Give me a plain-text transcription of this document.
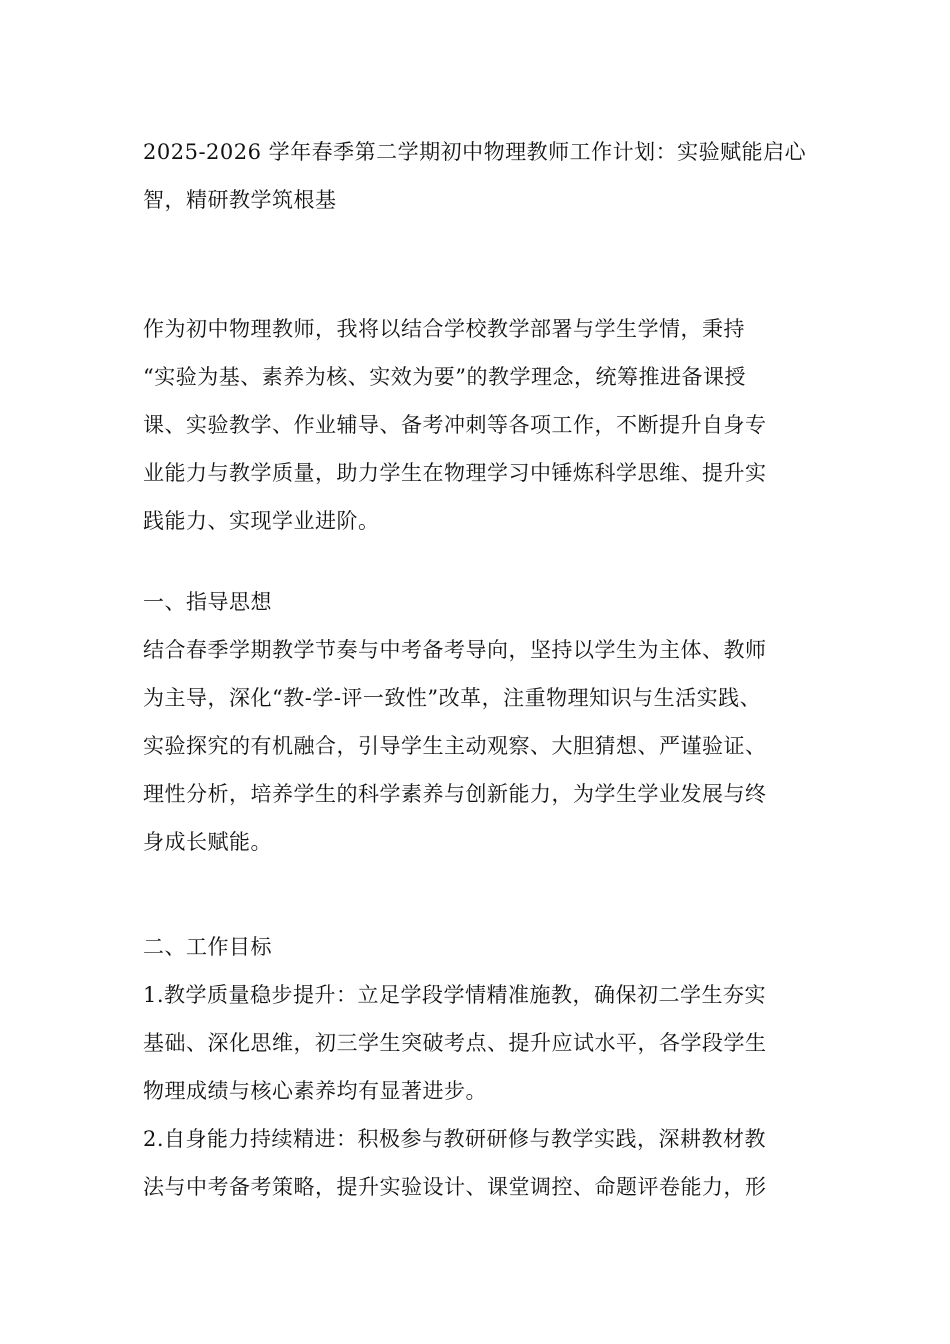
2025-2026 学年春季第二学期初中物理教师工作计划：实验赋能启心
智，精研教学筑根基
作为初中物理教师，我将以结合学校教学部署与学生学情，秉持
“实验为基、素养为核、实效为要”的教学理念，统筹推进备课授
课、实验教学、作业辅导、备考冲刺等各项工作，不断提升自身专
业能力与教学质量，助力学生在物理学习中锤炼科学思维、提升实
践能力、实现学业进阶。
一、指导思想
结合春季学期教学节奏与中考备考导向，坚持以学生为主体、教师
为主导，深化“教-学-评一致性”改革，注重物理知识与生活实践、
实验探究的有机融合，引导学生主动观察、大胆猜想、严谨验证、
理性分析，培养学生的科学素养与创新能力，为学生学业发展与终
身成长赋能。
二、工作目标
1.教学质量稳步提升：立足学段学情精准施教，确保初二学生夯实
基础、深化思维，初三学生突破考点、提升应试水平，各学段学生
物理成绩与核心素养均有显著进步。
2.自身能力持续精进：积极参与教研研修与教学实践，深耕教材教
法与中考备考策略，提升实验设计、课堂调控、命题评卷能力，形
